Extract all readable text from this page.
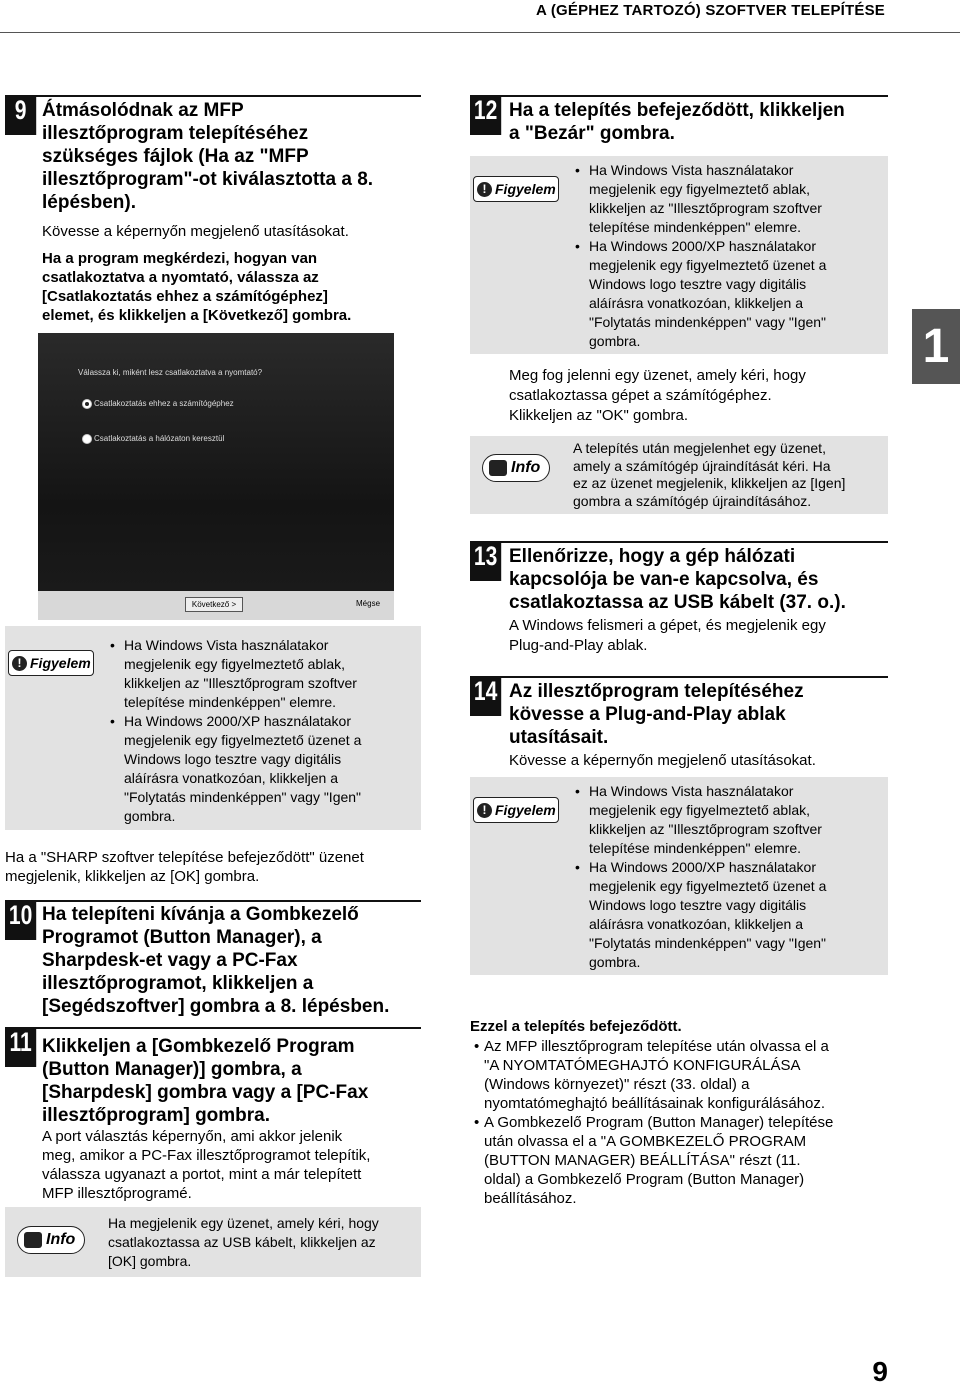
A (GÉPHEZ TARTOZÓ) SZOFTVER TELEPÍTÉSE
1
9 Átmásolódnak az MFP
illesztőprogram telepítéséhez
szükséges fájlok (Ha az "MFP
illesztőprogram"-ot kiválasztotta a 8.
lépésben).
Kövesse a képernyőn megjelenő utasításokat.
Ha a program megkérdezi, hogyan van
csatlakoztatva a nyomtató, válassza az
[Csatlakoztatás ehhez a számítógéphez]
elemet, és klikkeljen a [Következő] gombra.
Válassza ki, miként lesz csatlakoztatva a nyomtató?
Csatlakoztatás ehhez a számítógéphez
Csatlakoztatás a hálózaton keresztül
Következő >	Mégse
! Figyelem
• Ha Windows Vista használatakor
megjelenik egy figyelmeztető ablak,
klikkeljen az "Illesztőprogram szoftver
telepítése mindenképpen" elemre.
• Ha Windows 2000/XP használatakor
megjelenik egy figyelmeztető üzenet a
Windows logo tesztre vagy digitális
aláírásra vonatkozóan, klikkeljen a
"Folytatás mindenképpen" vagy "Igen"
gombra.
Ha a "SHARP szoftver telepítése befejeződött" üzenet
megjelenik, klikkeljen az [OK] gombra.
10 Ha telepíteni kívánja a Gombkezelő
Programot (Button Manager), a
Sharpdesk-et vagy a PC-Fax
illesztőprogramot, klikkeljen a
[Segédszoftver] gombra a 8. lépésben.
11 Klikkeljen a [Gombkezelő Program
(Button Manager)] gombra, a
[Sharpdesk] gombra vagy a [PC-Fax
illesztőprogram] gombra.
A port választás képernyőn, ami akkor jelenik
meg, amikor a PC-Fax illesztőprogramot telepítik,
válassza ugyanazt a portot, mint a már telepített
MFP illesztőprogramé.
Info
Ha megjelenik egy üzenet, amely kéri, hogy
csatlakoztassa az USB kábelt, klikkeljen az
[OK] gombra.
12 Ha a telepítés befejeződött, klikkeljen
a "Bezár" gombra.
! Figyelem
• Ha Windows Vista használatakor
megjelenik egy figyelmeztető ablak,
klikkeljen az "Illesztőprogram szoftver
telepítése mindenképpen" elemre.
• Ha Windows 2000/XP használatakor
megjelenik egy figyelmeztető üzenet a
Windows logo tesztre vagy digitális
aláírásra vonatkozóan, klikkeljen a
"Folytatás mindenképpen" vagy "Igen"
gombra.
Meg fog jelenni egy üzenet, amely kéri, hogy
csatlakoztassa gépet a számítógéphez.
Klikkeljen az "OK" gombra.
Info
A telepítés után megjelenhet egy üzenet,
amely a számítógép újraindítását kéri. Ha
ez az üzenet megjelenik, klikkeljen az [Igen]
gombra a számítógép újraindításához.
13 Ellenőrizze, hogy a gép hálózati
kapcsolója be van-e kapcsolva, és
csatlakoztassa az USB kábelt (37. o.).
A Windows felismeri a gépet, és megjelenik egy
Plug-and-Play ablak.
14 Az illesztőprogram telepítéséhez
kövesse a Plug-and-Play ablak
utasításait.
Kövesse a képernyőn megjelenő utasításokat.
! Figyelem
• Ha Windows Vista használatakor
megjelenik egy figyelmeztető ablak,
klikkeljen az "Illesztőprogram szoftver
telepítése mindenképpen" elemre.
• Ha Windows 2000/XP használatakor
megjelenik egy figyelmeztető üzenet a
Windows logo tesztre vagy digitális
aláírásra vonatkozóan, klikkeljen a
"Folytatás mindenképpen" vagy "Igen"
gombra.
Ezzel a telepítés befejeződött.
• Az MFP illesztőprogram telepítése után olvassa el a
"A NYOMTATÓMEGHAJTÓ KONFIGURÁLÁSA
(Windows környezet)" részt (33. oldal) a
nyomtatómeghajtó beállításainak konfigurálásához.
• A Gombkezelő Program (Button Manager) telepítése
után olvassa el a "A GOMBKEZELŐ PROGRAM
(BUTTON MANAGER) BEÁLLÍTÁSA" részt (11.
oldal) a Gombkezelő Program (Button Manager)
beállításához.
9
